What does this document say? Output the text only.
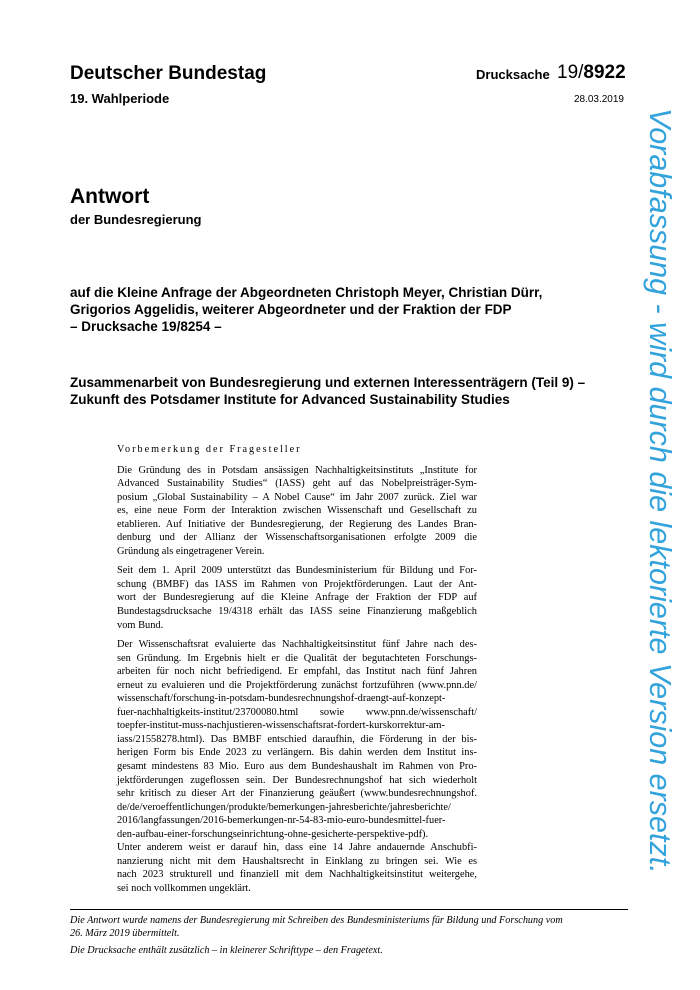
Deutscher Bundestag	Drucksache 19/8922
19. Wahlperiode	28.03.2019
Antwort
der Bundesregierung

auf die Kleine Anfrage der Abgeordneten Christoph Meyer, Christian Dürr,
Grigorios Aggelidis, weiterer Abgeordneter und der Fraktion der FDP
– Drucksache 19/8254 –

Zusammenarbeit von Bundesregierung und externen Interessenträgern (Teil 9) –
Zukunft des Potsdamer Institute for Advanced Sustainability Studies

Vorbemerkung der Fragesteller

Die Gründung des in Potsdam ansässigen Nachhaltigkeitsinstituts „Institute for
Advanced Sustainability Studies“ (IASS) geht auf das Nobelpreisträger-Sym-
posium „Global Sustainability – A Nobel Cause“ im Jahr 2007 zurück. Ziel war
es, eine neue Form der Interaktion zwischen Wissenschaft und Gesellschaft zu
etablieren. Auf Initiative der Bundesregierung, der Regierung des Landes Bran-
denburg und der Allianz der Wissenschaftsorganisationen erfolgte 2009 die
Gründung als eingetragener Verein.

Seit dem 1. April 2009 unterstützt das Bundesministerium für Bildung und For-
schung (BMBF) das IASS im Rahmen von Projektförderungen. Laut der Ant-
wort der Bundesregierung auf die Kleine Anfrage der Fraktion der FDP auf
Bundestagsdrucksache 19/4318 erhält das IASS seine Finanzierung maßgeblich
vom Bund.

Der Wissenschaftsrat evaluierte das Nachhaltigkeitsinstitut fünf Jahre nach des-
sen Gründung. Im Ergebnis hielt er die Qualität der begutachteten Forschungs-
arbeiten für noch nicht befriedigend. Er empfahl, das Institut nach fünf Jahren
erneut zu evaluieren und die Projektförderung zunächst fortzuführen (www.pnn.de/
wissenschaft/forschung-in-potsdam-bundesrechnungshof-draengt-auf-konzept-
fuer-nachhaltigkeits-institut/23700080.html sowie www.pnn.de/wissenschaft/
toepfer-institut-muss-nachjustieren-wissenschaftsrat-fordert-kurskorrektur-am-
iass/21558278.html). Das BMBF entschied daraufhin, die Förderung in der bis-
herigen Form bis Ende 2023 zu verlängern. Bis dahin werden dem Institut ins-
gesamt mindestens 83 Mio. Euro aus dem Bundeshaushalt im Rahmen von Pro-
jektförderungen zugeflossen sein. Der Bundesrechnungshof hat sich wiederholt
sehr kritisch zu dieser Art der Finanzierung geäußert (www.bundesrechnungshof.
de/de/veroeffentlichungen/produkte/bemerkungen-jahresberichte/jahresberichte/
2016/langfassungen/2016-bemerkungen-nr-54-83-mio-euro-bundesmittel-fuer-
den-aufbau-einer-forschungseinrichtung-ohne-gesicherte-perspektive-pdf).
Unter anderem weist er darauf hin, dass eine 14 Jahre andauernde Anschubfi-
nanzierung nicht mit dem Haushaltsrecht in Einklang zu bringen sei. Wie es
nach 2023 strukturell und finanziell mit dem Nachhaltigkeitsinstitut weitergehe,
sei noch vollkommen ungeklärt.

Die Antwort wurde namens der Bundesregierung mit Schreiben des Bundesministeriums für Bildung und Forschung vom
26. März 2019 übermittelt.

Die Drucksache enthält zusätzlich – in kleinerer Schrifttype – den Fragetext.

Vorabfassung - wird durch die lektorierte Version ersetzt.
